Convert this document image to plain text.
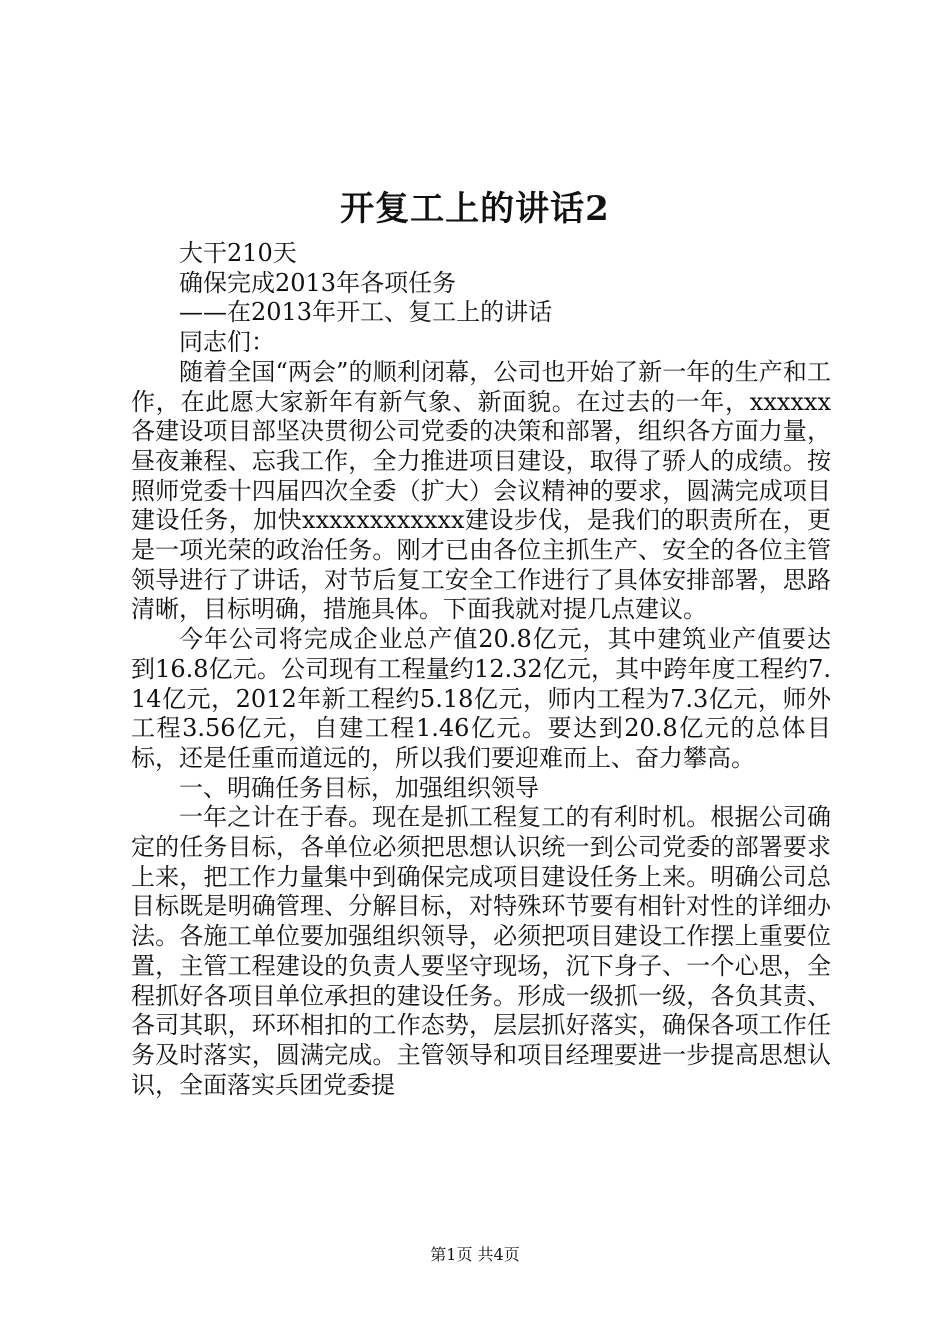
开复工上的讲话2

大干210天

确保完成2013年各项任务

——在2013年开工、复工上的讲话

同志们：

随着全国“两会”的顺利闭幕，公司也开始了新一年的生产和工作，在此愿大家新年有新气象、新面貌。在过去的一年，xxxxxx各建设项目部坚决贯彻公司党委的决策和部署，组织各方面力量，昼夜兼程、忘我工作，全力推进项目建设，取得了骄人的成绩。按照师党委十四届四次全委（扩大）会议精神的要求，圆满完成项目建设任务，加快xxxxxxxxxxxx建设步伐，是我们的职责所在，更是一项光荣的政治任务。刚才已由各位主抓生产、安全的各位主管领导进行了讲话，对节后复工安全工作进行了具体安排部署，思路清晰，目标明确，措施具体。下面我就对提几点建议。

今年公司将完成企业总产值20.8亿元，其中建筑业产值要达到16.8亿元。公司现有工程量约12.32亿元，其中跨年度工程约7.14亿元，2012年新工程约5.18亿元，师内工程为7.3亿元，师外工程3.56亿元，自建工程1.46亿元。要达到20.8亿元的总体目标，还是任重而道远的，所以我们要迎难而上、奋力攀高。

一、明确任务目标，加强组织领导

一年之计在于春。现在是抓工程复工的有利时机。根据公司确定的任务目标，各单位必须把思想认识统一到公司党委的部署要求上来，把工作力量集中到确保完成项目建设任务上来。明确公司总目标既是明确管理、分解目标，对特殊环节要有相针对性的详细办法。各施工单位要加强组织领导，必须把项目建设工作摆上重要位置，主管工程建设的负责人要坚守现场，沉下身子、一个心思，全程抓好各项目单位承担的建设任务。形成一级抓一级，各负其责、各司其职，环环相扣的工作态势，层层抓好落实，确保各项工作任务及时落实，圆满完成。主管领导和项目经理要进一步提高思想认识，全面落实兵团党委提

第1页 共4页
